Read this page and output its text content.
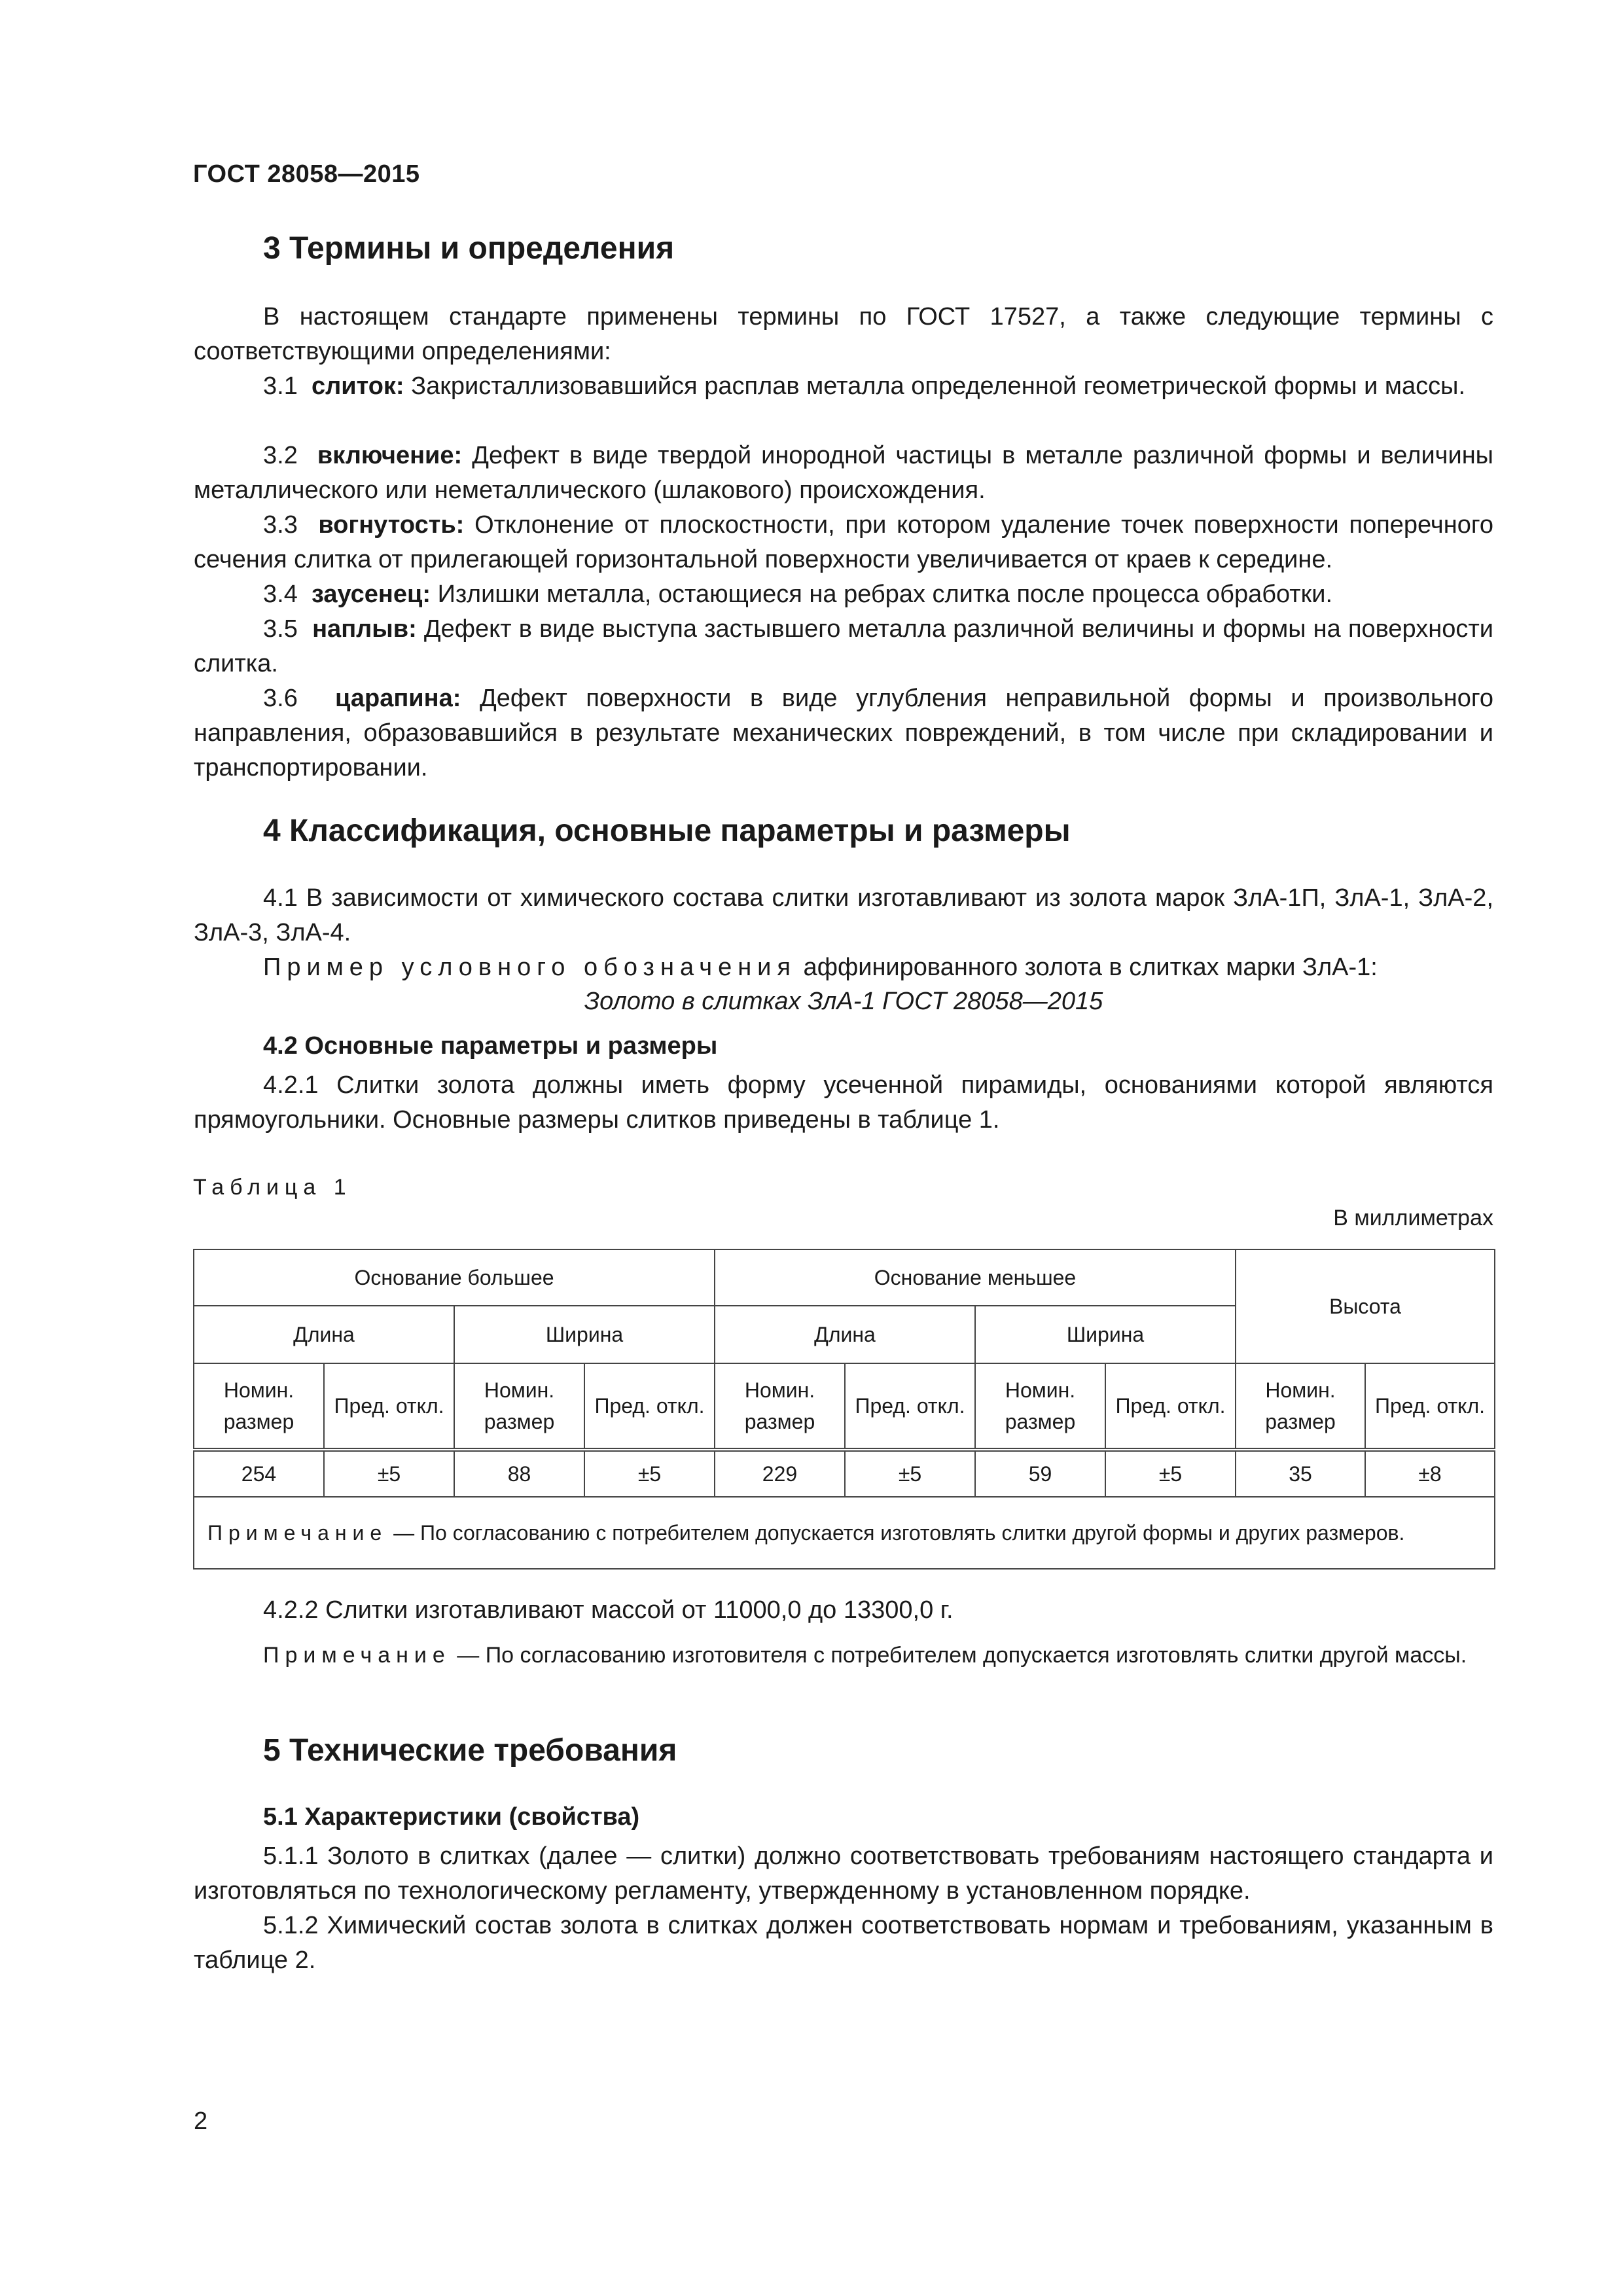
ГОСТ 28058—2015
3 Термины и определения

В настоящем стандарте применены термины по ГОСТ 17527, а также следующие термины с соответствующими определениями:

3.1 слиток: Закристаллизовавшийся расплав металла определенной геометрической формы и массы.

3.2 включение: Дефект в виде твердой инородной частицы в металле различной формы и величины металлического или неметаллического (шлакового) происхождения.

3.3 вогнутость: Отклонение от плоскостности, при котором удаление точек поверхности поперечного сечения слитка от прилегающей горизонтальной поверхности увеличивается от краев к середине.

3.4 заусенец: Излишки металла, остающиеся на ребрах слитка после процесса обработки.

3.5 наплыв: Дефект в виде выступа застывшего металла различной величины и формы на поверхности слитка.

3.6 царапина: Дефект поверхности в виде углубления неправильной формы и произвольного направления, образовавшийся в результате механических повреждений, в том числе при складировании и транспортировании.

4 Классификация, основные параметры и размеры

4.1 В зависимости от химического состава слитки изготавливают из золота марок ЗлА-1П, ЗлА-1, ЗлА-2, ЗлА-3, ЗлА-4.

Пример условного обозначения аффинированного золота в слитках марки ЗлА-1:

Золото в слитках ЗлА-1 ГОСТ 28058—2015
4.2 Основные параметры и размеры

4.2.1 Слитки золота должны иметь форму усеченной пирамиды, основаниями которой являются прямоугольники. Основные размеры слитков приведены в таблице 1.

Таблица 1
В миллиметрах
Основание большее				Основание меньшее				Высота	
Длина		Ширина		Длина		Ширина			
Номин. размер	Пред. откл.	Номин. размер	Пред. откл.	Номин. размер	Пред. откл.	Номин. размер	Пред. откл.	Номин. размер	Пред. откл.
254	±5	88	±5	229	±5	59	±5	35	±8
Примечание — По согласованию с потребителем допускается изготовлять слитки другой формы и других размеров.									

4.2.2 Слитки изготавливают массой от 11000,0 до 13300,0 г.

Примечание — По согласованию изготовителя с потребителем допускается изготовлять слитки другой массы.

5 Технические требования
5.1 Характеристики (свойства)

5.1.1 Золото в слитках (далее — слитки) должно соответствовать требованиям настоящего стандарта и изготовляться по технологическому регламенту, утвержденному в установленном порядке.

5.1.2 Химический состав золота в слитках должен соответствовать нормам и требованиям, указанным в таблице 2.

2
